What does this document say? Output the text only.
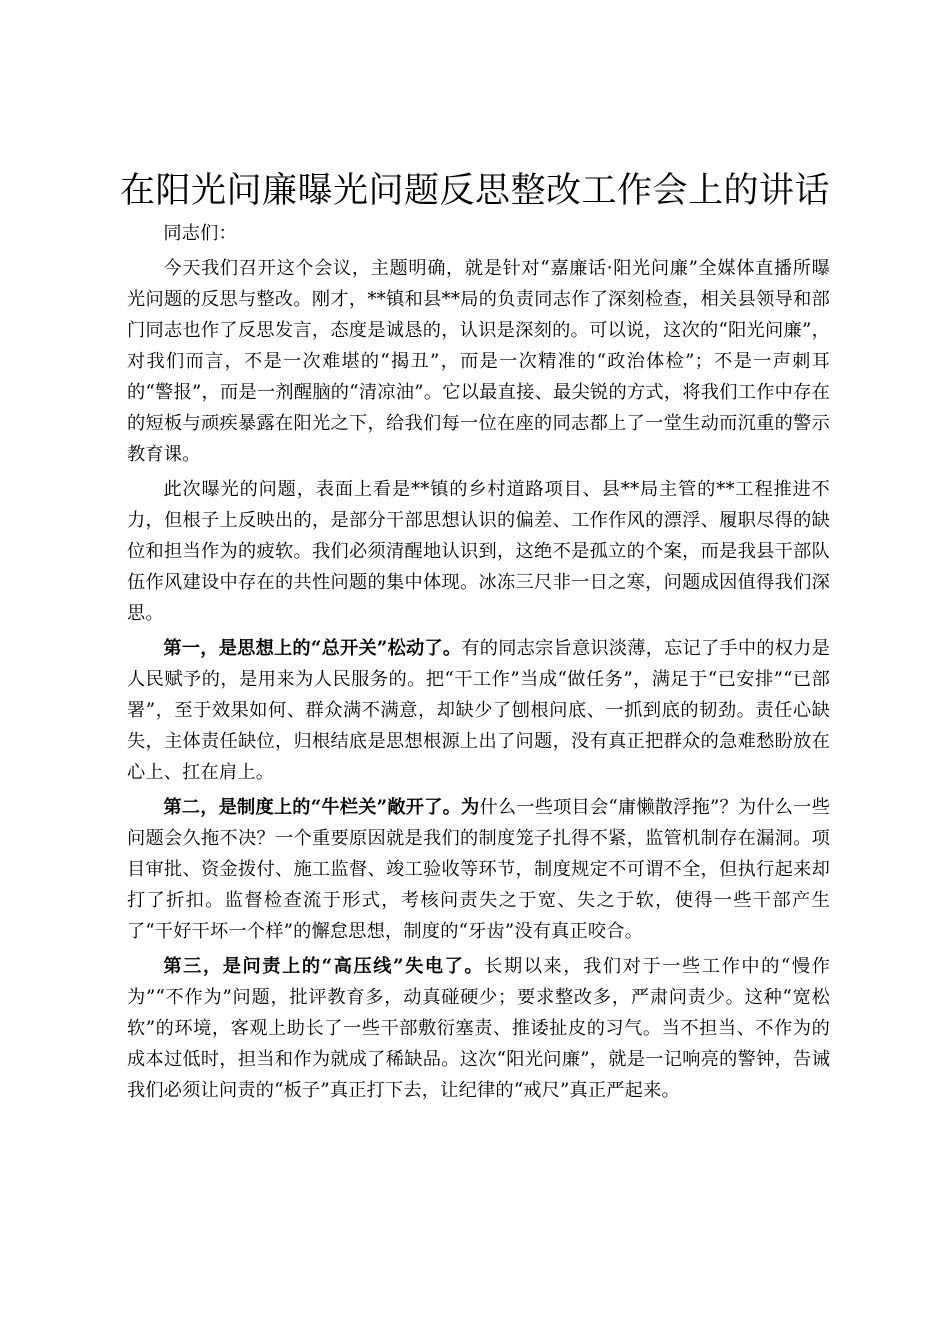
在阳光问廉曝光问题反思整改工作会上的讲话

同志们：

今天我们召开这个会议，主题明确，就是针对“嘉廉话·阳光问廉”全媒体直播所曝光问题的反思与整改。刚才，**镇和县**局的负责同志作了深刻检查，相关县领导和部门同志也作了反思发言，态度是诚恳的，认识是深刻的。可以说，这次的“阳光问廉”，对我们而言，不是一次难堪的“揭丑”，而是一次精准的“政治体检”；不是一声刺耳的“警报”，而是一剂醒脑的“清凉油”。它以最直接、最尖锐的方式，将我们工作中存在的短板与顽疾暴露在阳光之下，给我们每一位在座的同志都上了一堂生动而沉重的警示教育课。

此次曝光的问题，表面上看是**镇的乡村道路项目、县**局主管的**工程推进不力，但根子上反映出的，是部分干部思想认识的偏差、工作作风的漂浮、履职尽得的缺位和担当作为的疲软。我们必须清醒地认识到，这绝不是孤立的个案，而是我县干部队伍作风建设中存在的共性问题的集中体现。冰冻三尺非一日之寒，问题成因值得我们深思。

第一，是思想上的“总开关”松动了。有的同志宗旨意识淡薄，忘记了手中的权力是人民赋予的，是用来为人民服务的。把“干工作”当成“做任务”，满足于“已安排”“已部署”，至于效果如何、群众满不满意，却缺少了刨根问底、一抓到底的韧劲。责任心缺失，主体责任缺位，归根结底是思想根源上出了问题，没有真正把群众的急难愁盼放在心上、扛在肩上。

第二，是制度上的“牛栏关”敞开了。为什么一些项目会“庸懒散浮拖”？为什么一些问题会久拖不决？一个重要原因就是我们的制度笼子扎得不紧，监管机制存在漏洞。项目审批、资金拨付、施工监督、竣工验收等环节，制度规定不可谓不全，但执行起来却打了折扣。监督检查流于形式，考核问责失之于宽、失之于软，使得一些干部产生了“干好干坏一个样”的懈怠思想，制度的“牙齿”没有真正咬合。

第三，是问责上的“高压线”失电了。长期以来，我们对于一些工作中的“慢作为”“不作为”问题，批评教育多，动真碰硬少；要求整改多，严肃问责少。这种“宽松软”的环境，客观上助长了一些干部敷衍塞责、推诿扯皮的习气。当不担当、不作为的成本过低时，担当和作为就成了稀缺品。这次“阳光问廉”，就是一记响亮的警钟，告诫我们必须让问责的“板子”真正打下去，让纪律的“戒尺”真正严起来。
